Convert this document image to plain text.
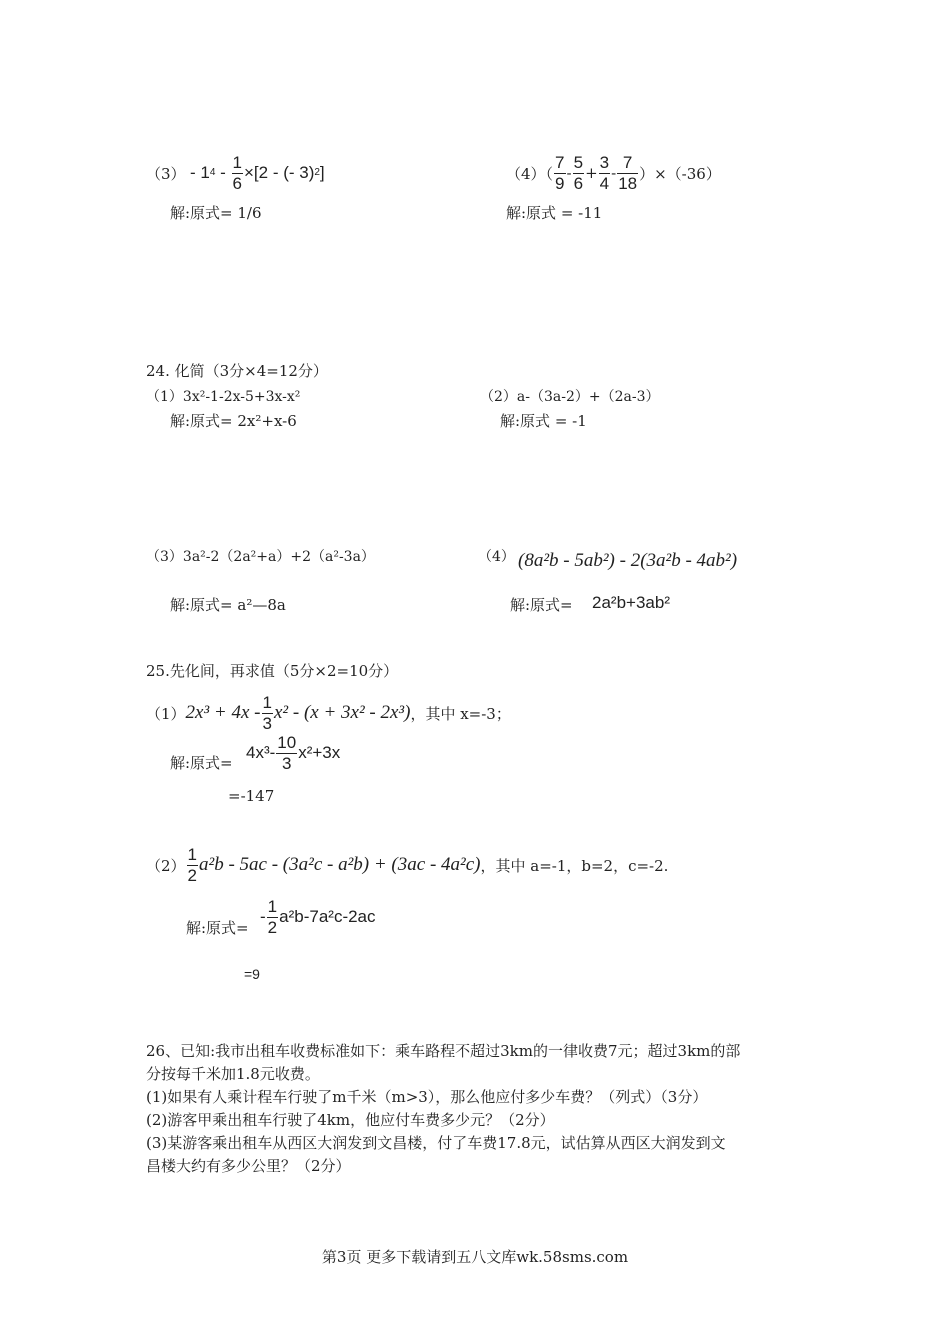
（3） - 1 $4 - \frac{1}{6} \times[2$ - (- 3) 2 ]
解:原式= 1/6
$(4)( \frac{7}{9} - \frac{5}{6} + \frac{3}{4} - \frac{7}{18} )\times(-36)$
解:原式 = -11
24. 化简（3分×4=12分）
（1）3x²-1-2x-5+3x-x²
解:原式= 2x²+x-6
（2）a-（3a-2）+（2a-3）
解:原式 = -1
（3）3a²-2（2a²+a）+2（a²-3a）
解:原式= a²—8a
（4） (8a²b - 5ab²) - 2(3a²b - 4ab²)
解:原式= 2a²b+3ab²
25.先化间，再求值（5分×2=10分）
（1） $2x^3 + 4x - \frac{1}{3} x^2 - (x + 3x^2 - 2x^3)$ ，其中 x=-3；
解:原式=
$4x^3- \frac{10}{3} x^2+3x$
=-147
$(2) \frac{1}{2} a^2b - 5ac - (3a^2c - a^2b) + (3ac - 4a^2c)$ ，其中 a=-1，b=2，c=-2.
解:原式=
- $\frac{1}{2} a^2b-7a^2c-2ac$
=9
26、已知:我市出租车收费标准如下：乘车路程不超过3km的一律收费7元；超过3km的部
分按每千米加1.8元收费。
(1)如果有人乘计程车行驶了m千米（m>3），那么他应付多少车费？（列式）（3分）
(2)游客甲乘出租车行驶了4km，他应付车费多少元？（2分）
(3)某游客乘出租车从西区大润发到文昌楼，付了车费17.8元，试估算从西区大润发到文
昌楼大约有多少公里？（2分）
第3页 更多下载请到五八文库wk.58sms.com
